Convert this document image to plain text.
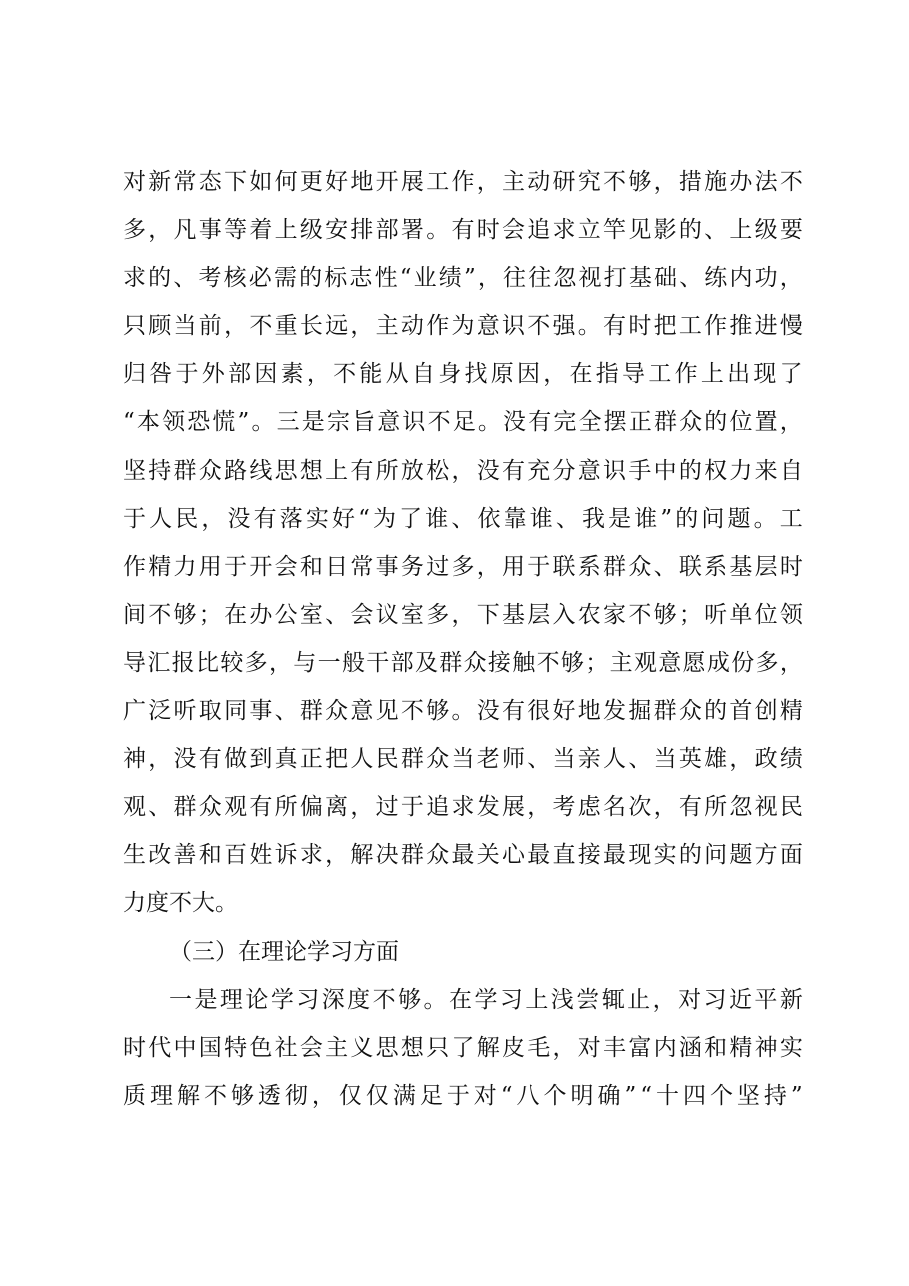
对 新 常 态 下 如 何 更 好 地 开 展 工 作 ， 主 动 研 究 不 够 ， 措 施 办 法 不
多 ， 凡 事 等 着 上 级 安 排 部 署 。 有 时 会 追 求 立 竿 见 影 的 、 上 级 要
求 的 、 考 核 必 需 的 标 志 性 “ 业 绩 ” ， 往 往 忽 视 打 基 础 、 练 内 功 ，
只 顾 当 前 ， 不 重 长 远 ， 主 动 作 为 意 识 不 强 。 有 时 把 工 作 推 进 慢
归 咎 于 外 部 因 素 ， 不 能 从 自 身 找 原 因 ， 在 指 导 工 作 上 出 现 了
“ 本 领 恐 慌 ” 。 三 是 宗 旨 意 识 不 足 。 没 有 完 全 摆 正 群 众 的 位 置 ，
坚 持 群 众 路 线 思 想 上 有 所 放 松 ， 没 有 充 分 意 识 手 中 的 权 力 来 自
于 人 民 ， 没 有 落 实 好 “ 为 了 谁 、 依 靠 谁 、 我 是 谁 ” 的 问 题 。 工
作 精 力 用 于 开 会 和 日 常 事 务 过 多 ， 用 于 联 系 群 众 、 联 系 基 层 时
间 不 够 ； 在 办 公 室 、 会 议 室 多 ， 下 基 层 入 农 家 不 够 ； 听 单 位 领
导 汇 报 比 较 多 ， 与 一 般 干 部 及 群 众 接 触 不 够 ； 主 观 意 愿 成 份 多 ，
广 泛 听 取 同 事 、 群 众 意 见 不 够 。 没 有 很 好 地 发 掘 群 众 的 首 创 精
神 ， 没 有 做 到 真 正 把 人 民 群 众 当 老 师 、 当 亲 人 、 当 英 雄 ， 政 绩
观 、 群 众 观 有 所 偏 离 ， 过 于 追 求 发 展 ， 考 虑 名 次 ， 有 所 忽 视 民
生 改 善 和 百 姓 诉 求 ， 解 决 群 众 最 关 心 最 直 接 最 现 实 的 问 题 方 面
力度不大。
（三）在理论学习方面
一 是 理 论 学 习 深 度 不 够 。 在 学 习 上 浅 尝 辄 止 ， 对 习 近 平 新
时 代 中 国 特 色 社 会 主 义 思 想 只 了 解 皮 毛 ， 对 丰 富 内 涵 和 精 神 实
质 理 解 不 够 透 彻 ， 仅 仅 满 足 于 对 “ 八 个 明 确 ” “ 十 四 个 坚 持 ”
